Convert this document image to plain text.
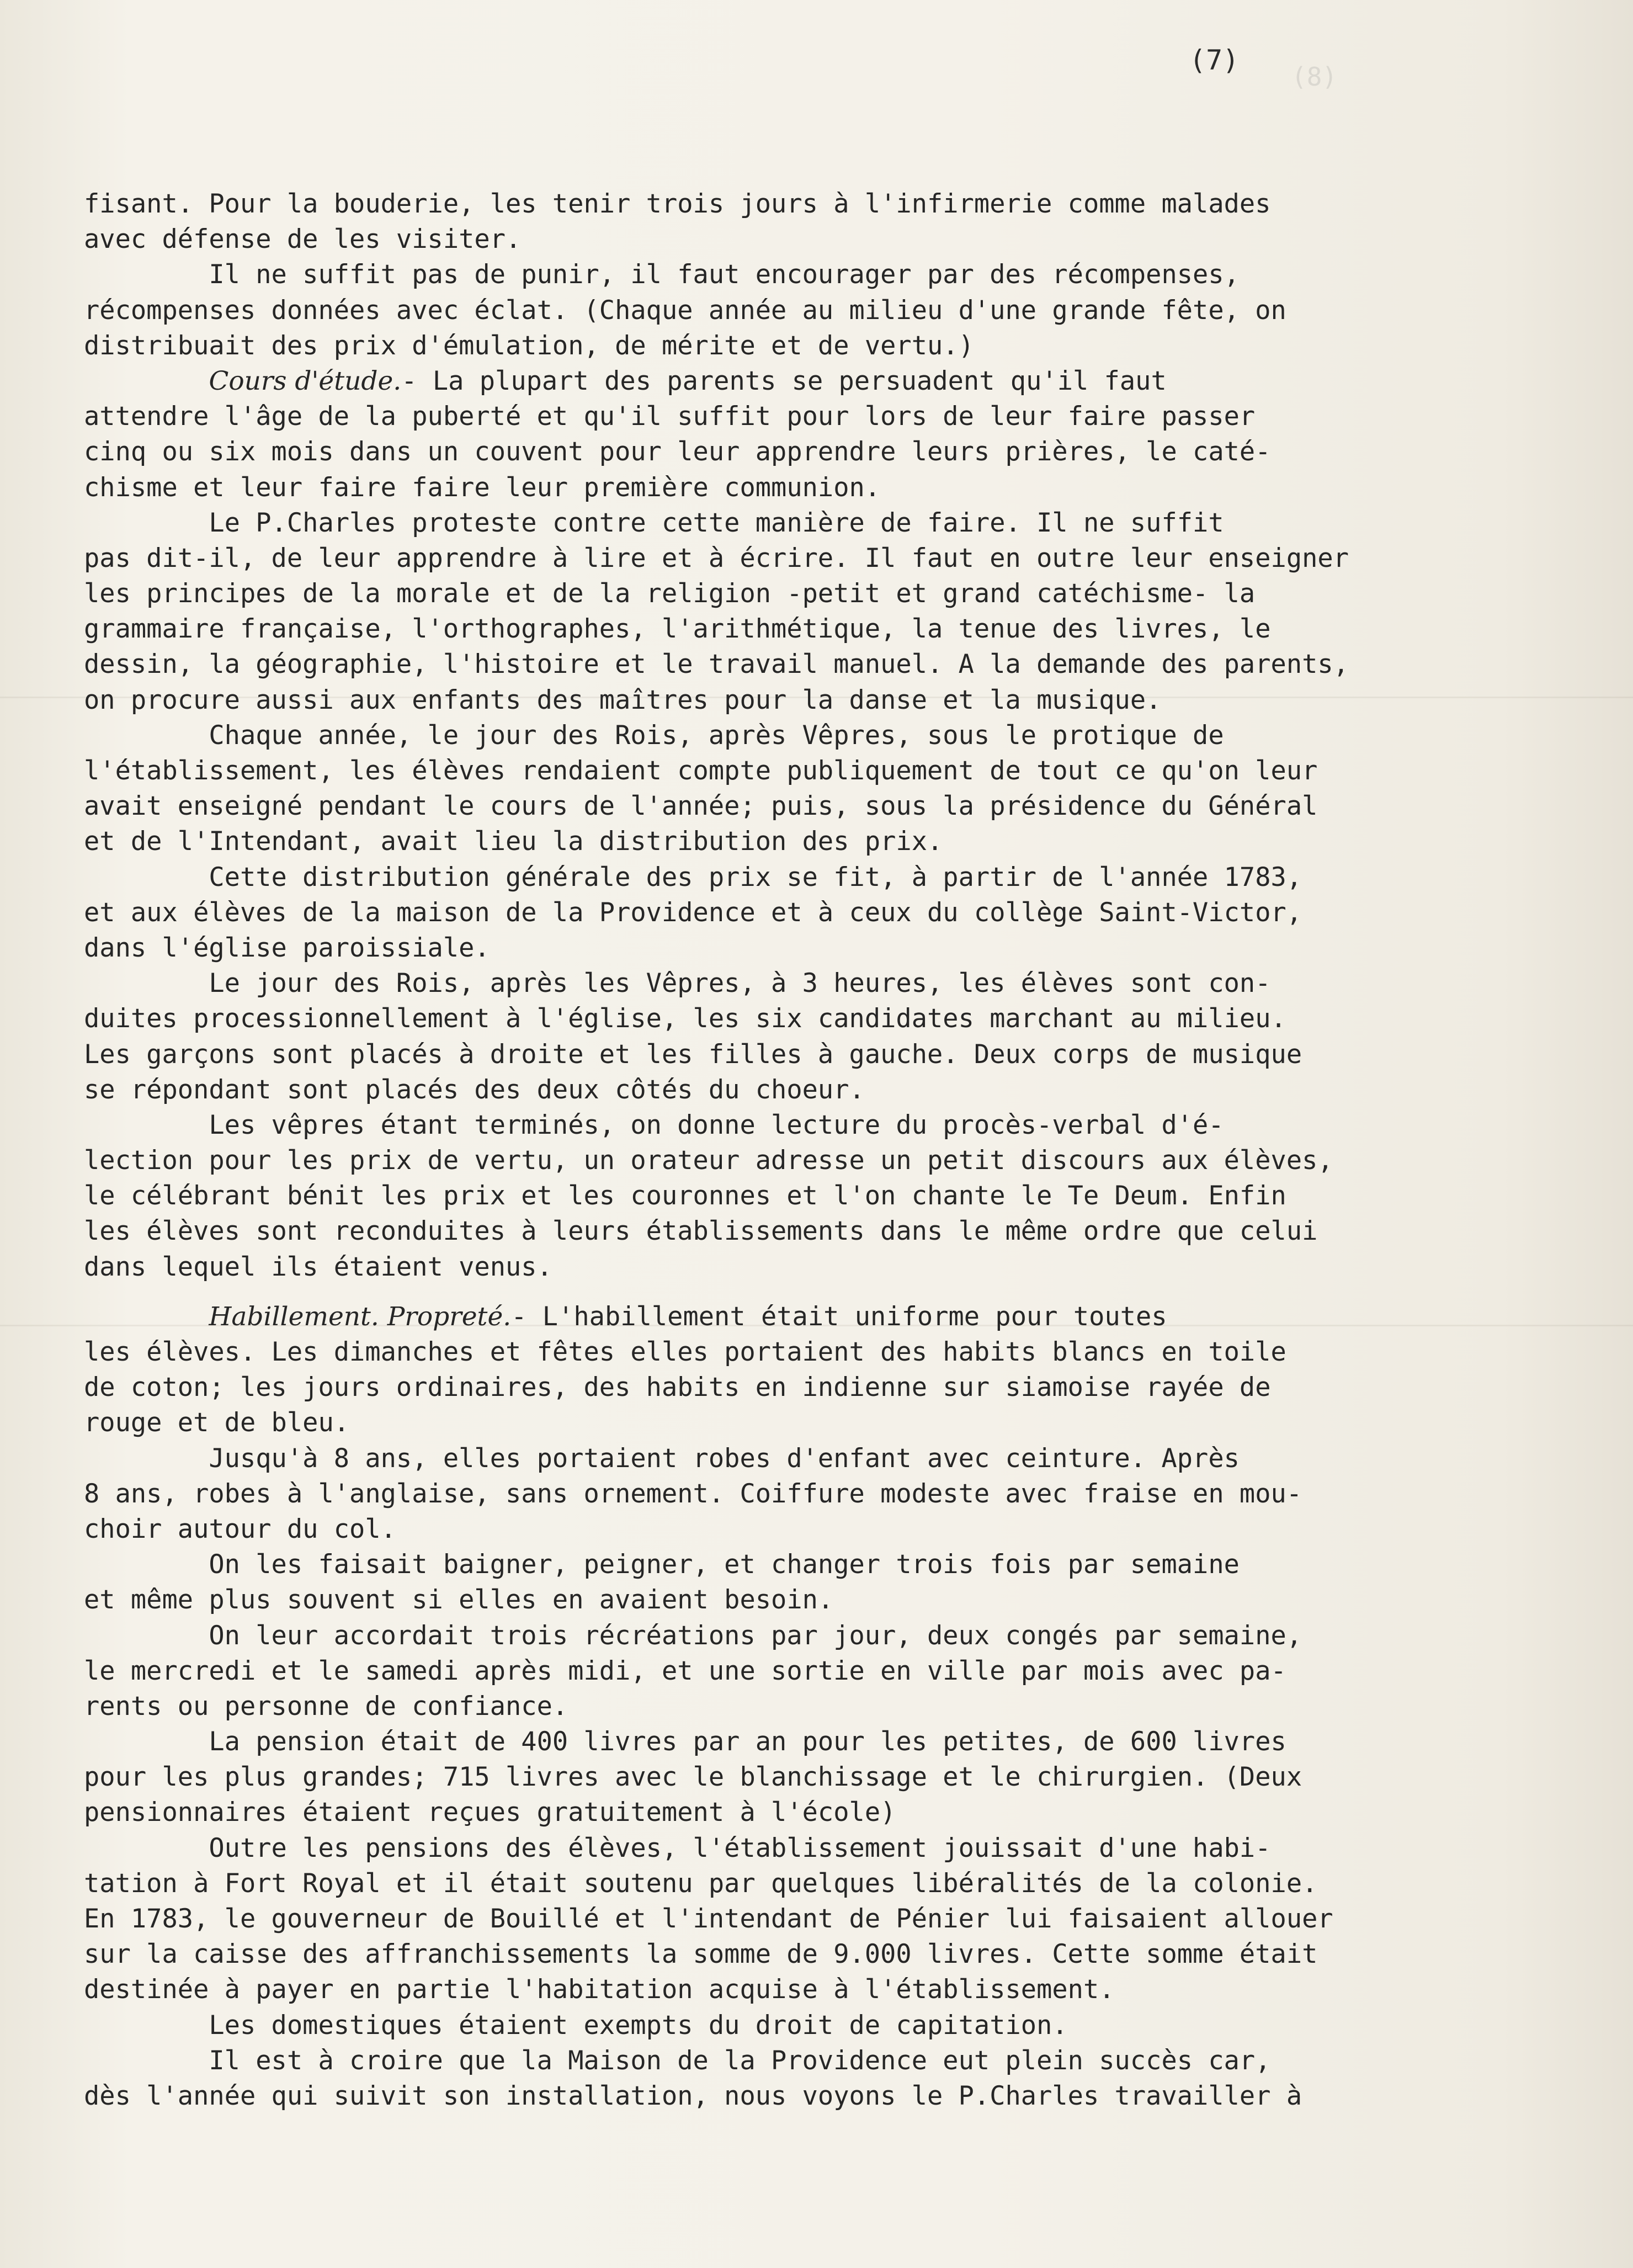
(8)
(7)
fisant. Pour la bouderie, les tenir trois jours à l'infirmerie comme malades
avec défense de les visiter.
Il ne suffit pas de punir, il faut encourager par des récompenses,
récompenses données avec éclat. (Chaque année au milieu d'une grande fête, on
distribuait des prix d'émulation, de mérite et de vertu.)
Cours d'étude.- La plupart des parents se persuadent qu'il faut
attendre l'âge de la puberté et qu'il suffit pour lors de leur faire passer
cinq ou six mois dans un couvent pour leur apprendre leurs prières, le caté-
chisme et leur faire faire leur première communion.
Le P.Charles proteste contre cette manière de faire. Il ne suffit
pas dit-il, de leur apprendre à lire et à écrire. Il faut en outre leur enseigner
les principes de la morale et de la religion -petit et grand catéchisme- la
grammaire française, l'orthographes, l'arithmétique, la tenue des livres, le
dessin, la géographie, l'histoire et le travail manuel. A la demande des parents,
on procure aussi aux enfants des maîtres pour la danse et la musique.
Chaque année, le jour des Rois, après Vêpres, sous le protique de
l'établissement, les élèves rendaient compte publiquement de tout ce qu'on leur
avait enseigné pendant le cours de l'année; puis, sous la présidence du Général
et de l'Intendant, avait lieu la distribution des prix.
Cette distribution générale des prix se fit, à partir de l'année 1783,
et aux élèves de la maison de la Providence et à ceux du collège Saint-Victor,
dans l'église paroissiale.
Le jour des Rois, après les Vêpres, à 3 heures, les élèves sont con-
duites processionnellement à l'église, les six candidates marchant au milieu.
Les garçons sont placés à droite et les filles à gauche. Deux corps de musique
se répondant sont placés des deux côtés du choeur.
Les vêpres étant terminés, on donne lecture du procès-verbal d'é-
lection pour les prix de vertu, un orateur adresse un petit discours aux élèves,
le célébrant bénit les prix et les couronnes et l'on chante le Te Deum. Enfin
les élèves sont reconduites à leurs établissements dans le même ordre que celui
dans lequel ils étaient venus.
Habillement. Propreté.- L'habillement était uniforme pour toutes
les élèves. Les dimanches et fêtes elles portaient des habits blancs en toile
de coton; les jours ordinaires, des habits en indienne sur siamoise rayée de
rouge et de bleu.
Jusqu'à 8 ans, elles portaient robes d'enfant avec ceinture. Après
8 ans, robes à l'anglaise, sans ornement. Coiffure modeste avec fraise en mou-
choir autour du col.
On les faisait baigner, peigner, et changer trois fois par semaine
et même plus souvent si elles en avaient besoin.
On leur accordait trois récréations par jour, deux congés par semaine,
le mercredi et le samedi après midi, et une sortie en ville par mois avec pa-
rents ou personne de confiance.
La pension était de 400 livres par an pour les petites, de 600 livres
pour les plus grandes; 715 livres avec le blanchissage et le chirurgien. (Deux
pensionnaires étaient reçues gratuitement à l'école)
Outre les pensions des élèves, l'établissement jouissait d'une habi-
tation à Fort Royal et il était soutenu par quelques libéralités de la colonie.
En 1783, le gouverneur de Bouillé et l'intendant de Pénier lui faisaient allouer
sur la caisse des affranchissements la somme de 9.000 livres. Cette somme était
destinée à payer en partie l'habitation acquise à l'établissement.
Les domestiques étaient exempts du droit de capitation.
Il est à croire que la Maison de la Providence eut plein succès car,
dès l'année qui suivit son installation, nous voyons le P.Charles travailler à
